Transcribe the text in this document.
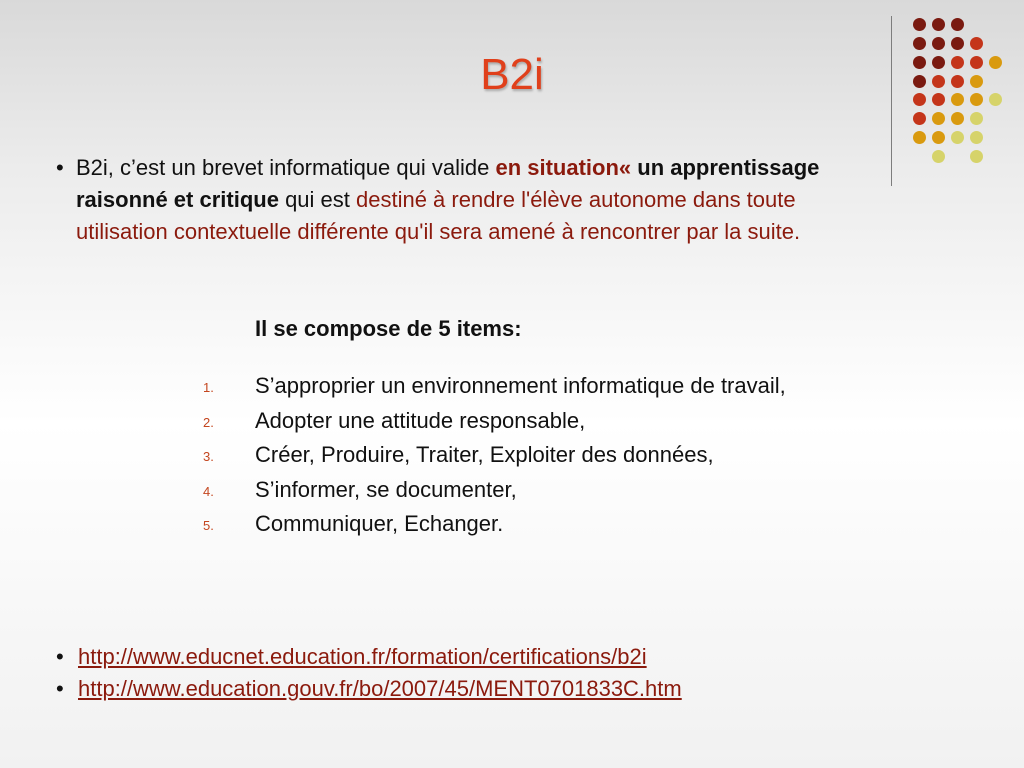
B2i
• B2i, c’est un brevet informatique qui valide en situation« un apprentissage raisonné et critique qui est destiné à rendre l'élève autonome dans toute utilisation contextuelle différente qu'il sera amené à rencontrer par la suite.
Il se compose de 5 items:
1. S’approprier un environnement informatique de travail,
2. Adopter une attitude responsable,
3. Créer, Produire, Traiter, Exploiter des données,
4. S’informer, se documenter,
5. Communiquer, Echanger.
• http://www.educnet.education.fr/formation/certifications/b2i
• http://www.education.gouv.fr/bo/2007/45/MENT0701833C.htm
